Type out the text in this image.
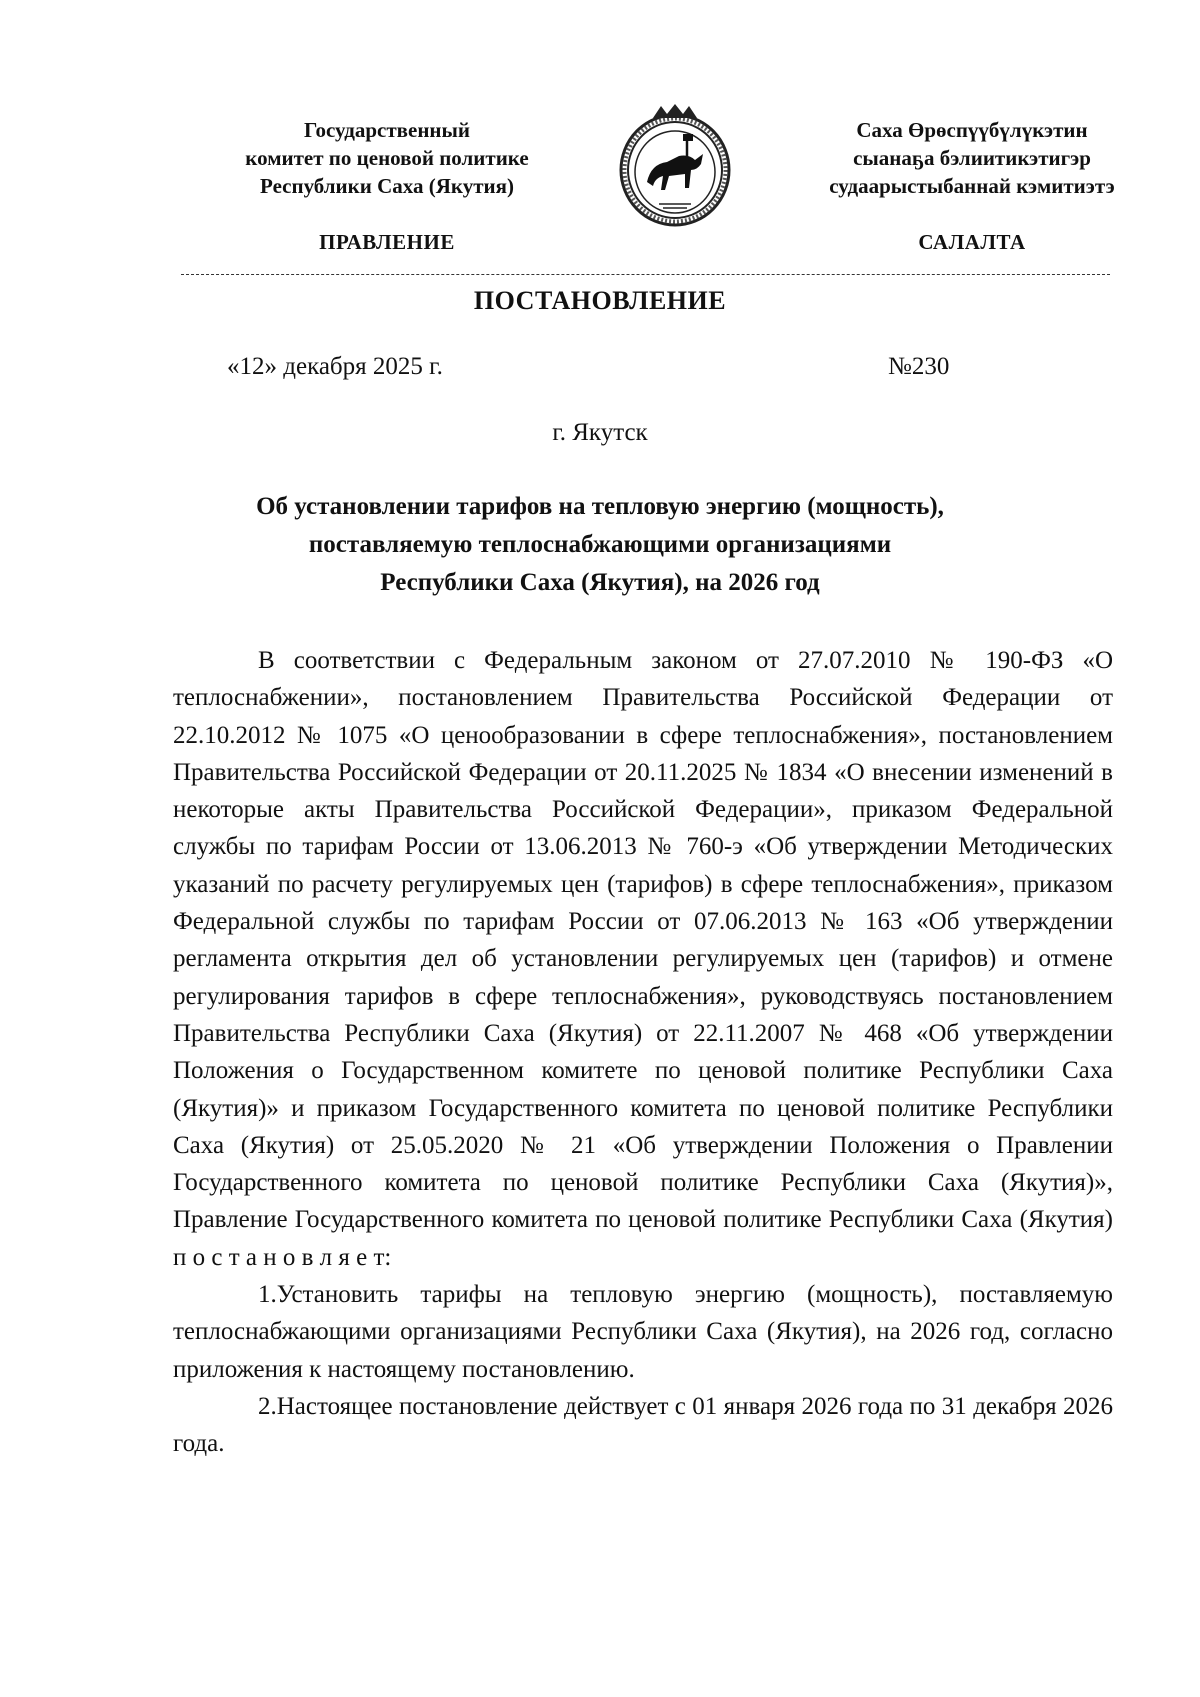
Государственный
комитет по ценовой политике
Республики Саха (Якутия)
Саха Өрөспүүбүлүкэтин
сыанаҕа бэлиитикэтигэр
судаарыстыбаннай кэмитиэтэ
ПРАВЛЕНИЕ	САЛАЛТА
ПОСТАНОВЛЕНИЕ
«12» декабря 2025 г.	№230
г. Якутск
Об установлении тарифов на тепловую энергию (мощность),
поставляемую теплоснабжающими организациями
Республики Саха (Якутия), на 2026 год

В соответствии с Федеральным законом от 27.07.2010 № 190-ФЗ «О теплоснабжении», постановлением Правительства Российской Федерации от 22.10.2012 № 1075 «О ценообразовании в сфере теплоснабжения», постановлением Правительства Российской Федерации от 20.11.2025 № 1834 «О внесении изменений в некоторые акты Правительства Российской Федерации», приказом Федеральной службы по тарифам России от 13.06.2013 № 760-э «Об утверждении Методических указаний по расчету регулируемых цен (тарифов) в сфере теплоснабжения», приказом Федеральной службы по тарифам России от 07.06.2013 № 163 «Об утверждении регламента открытия дел об установлении регулируемых цен (тарифов) и отмене регулирования тарифов в сфере теплоснабжения», руководствуясь постановлением Правительства Республики Саха (Якутия) от 22.11.2007 № 468 «Об утверждении Положения о Государственном комитете по ценовой политике Республики Саха (Якутия)» и приказом Государственного комитета по ценовой политике Республики Саха (Якутия) от 25.05.2020 № 21 «Об утверждении Положения о Правлении Государственного комитета по ценовой политике Республики Саха (Якутия)», Правление Государственного комитета по ценовой политике Республики Саха (Якутия) п о с т а н о в л я е т:

1.Установить тарифы на тепловую энергию (мощность), поставляемую теплоснабжающими организациями Республики Саха (Якутия), на 2026 год, согласно приложения к настоящему постановлению.

2.Настоящее постановление действует с 01 января 2026 года по 31 декабря 2026 года.
